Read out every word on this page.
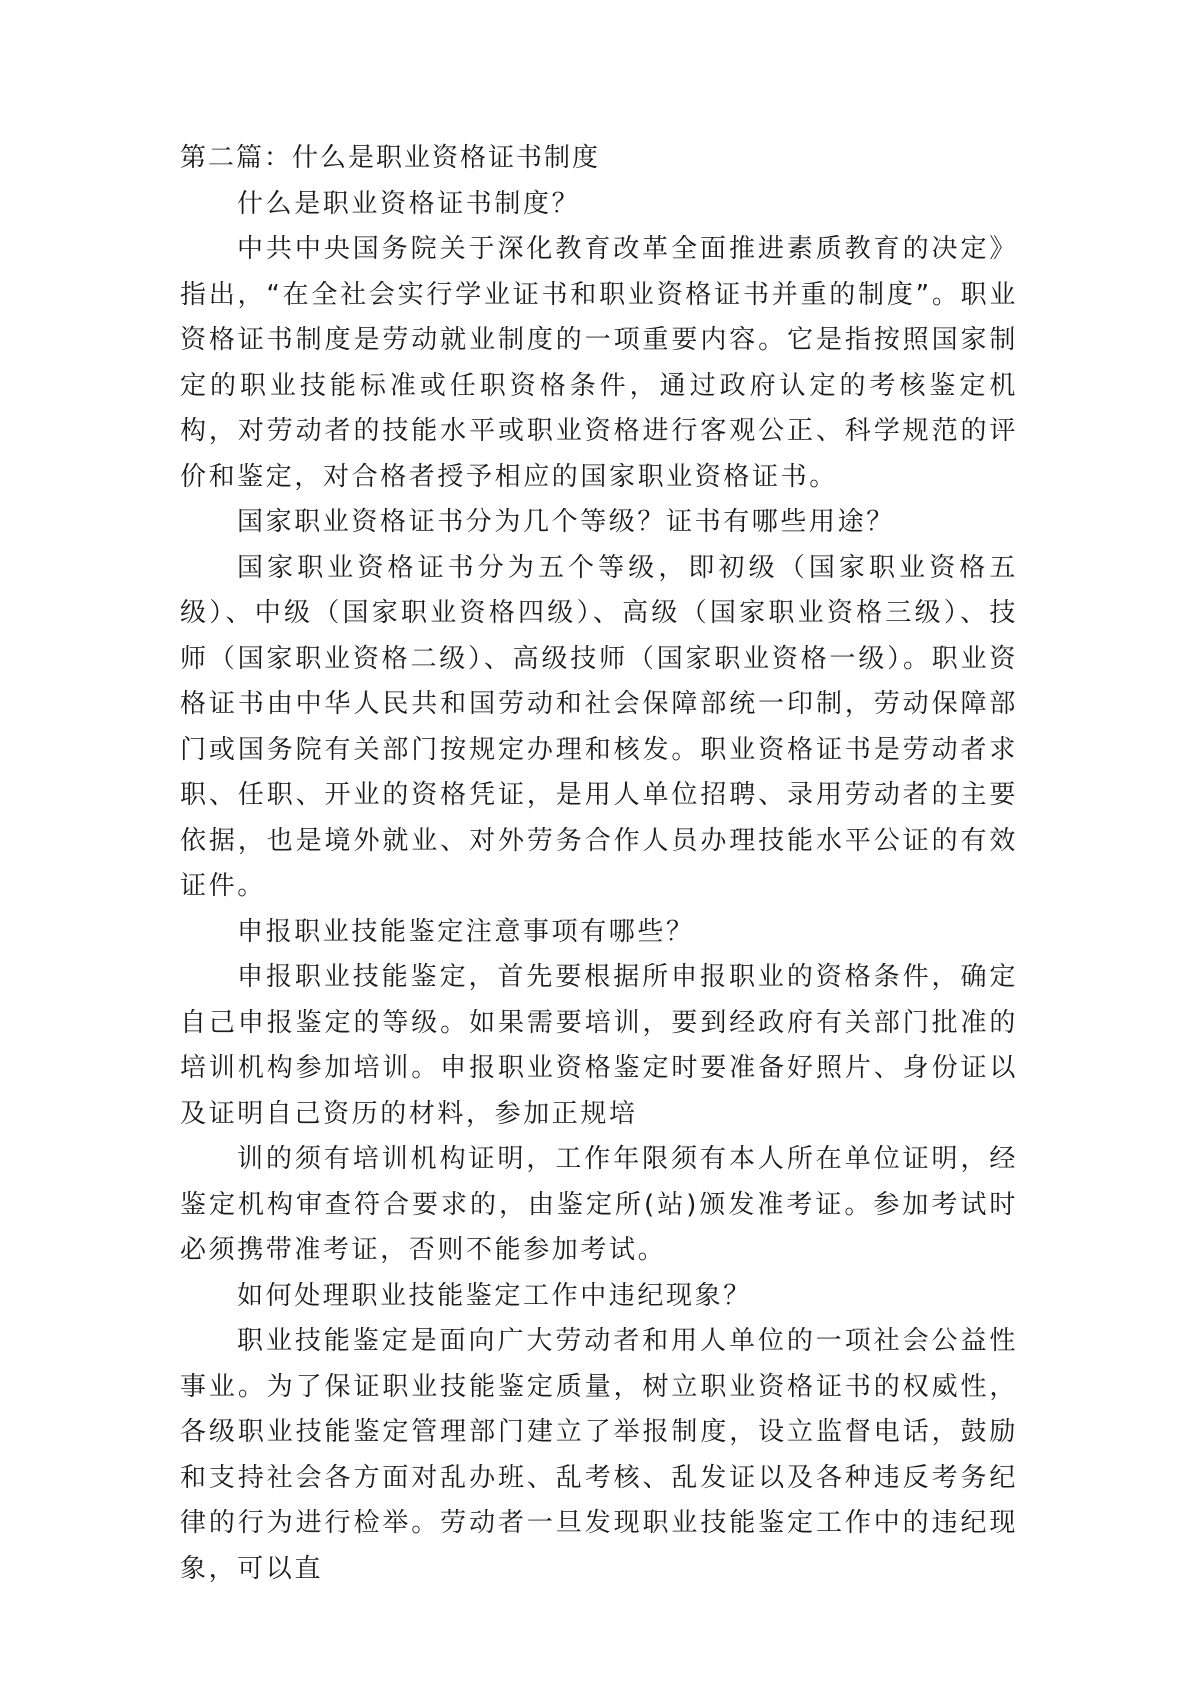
第二篇：什么是职业资格证书制度

什么是职业资格证书制度？

中共中央国务院关于深化教育改革全面推进素质教育的决定》指出，“在全社会实行学业证书和职业资格证书并重的制度”。职业资格证书制度是劳动就业制度的一项重要内容。它是指按照国家制定的职业技能标准或任职资格条件，通过政府认定的考核鉴定机构，对劳动者的技能水平或职业资格进行客观公正、科学规范的评价和鉴定，对合格者授予相应的国家职业资格证书。

国家职业资格证书分为几个等级？证书有哪些用途？

国家职业资格证书分为五个等级，即初级（国家职业资格五级）、中级（国家职业资格四级）、高级（国家职业资格三级）、技师（国家职业资格二级）、高级技师（国家职业资格一级）。职业资格证书由中华人民共和国劳动和社会保障部统一印制，劳动保障部门或国务院有关部门按规定办理和核发。职业资格证书是劳动者求职、任职、开业的资格凭证，是用人单位招聘、录用劳动者的主要依据，也是境外就业、对外劳务合作人员办理技能水平公证的有效证件。

申报职业技能鉴定注意事项有哪些？

申报职业技能鉴定，首先要根据所申报职业的资格条件，确定自己申报鉴定的等级。如果需要培训，要到经政府有关部门批准的培训机构参加培训。申报职业资格鉴定时要准备好照片、身份证以及证明自己资历的材料，参加正规培

训的须有培训机构证明，工作年限须有本人所在单位证明，经鉴定机构审查符合要求的，由鉴定所(站)颁发准考证。参加考试时必须携带准考证，否则不能参加考试。

如何处理职业技能鉴定工作中违纪现象？

职业技能鉴定是面向广大劳动者和用人单位的一项社会公益性事业。为了保证职业技能鉴定质量，树立职业资格证书的权威性，各级职业技能鉴定管理部门建立了举报制度，设立监督电话，鼓励和支持社会各方面对乱办班、乱考核、乱发证以及各种违反考务纪律的行为进行检举。劳动者一旦发现职业技能鉴定工作中的违纪现象，可以直
